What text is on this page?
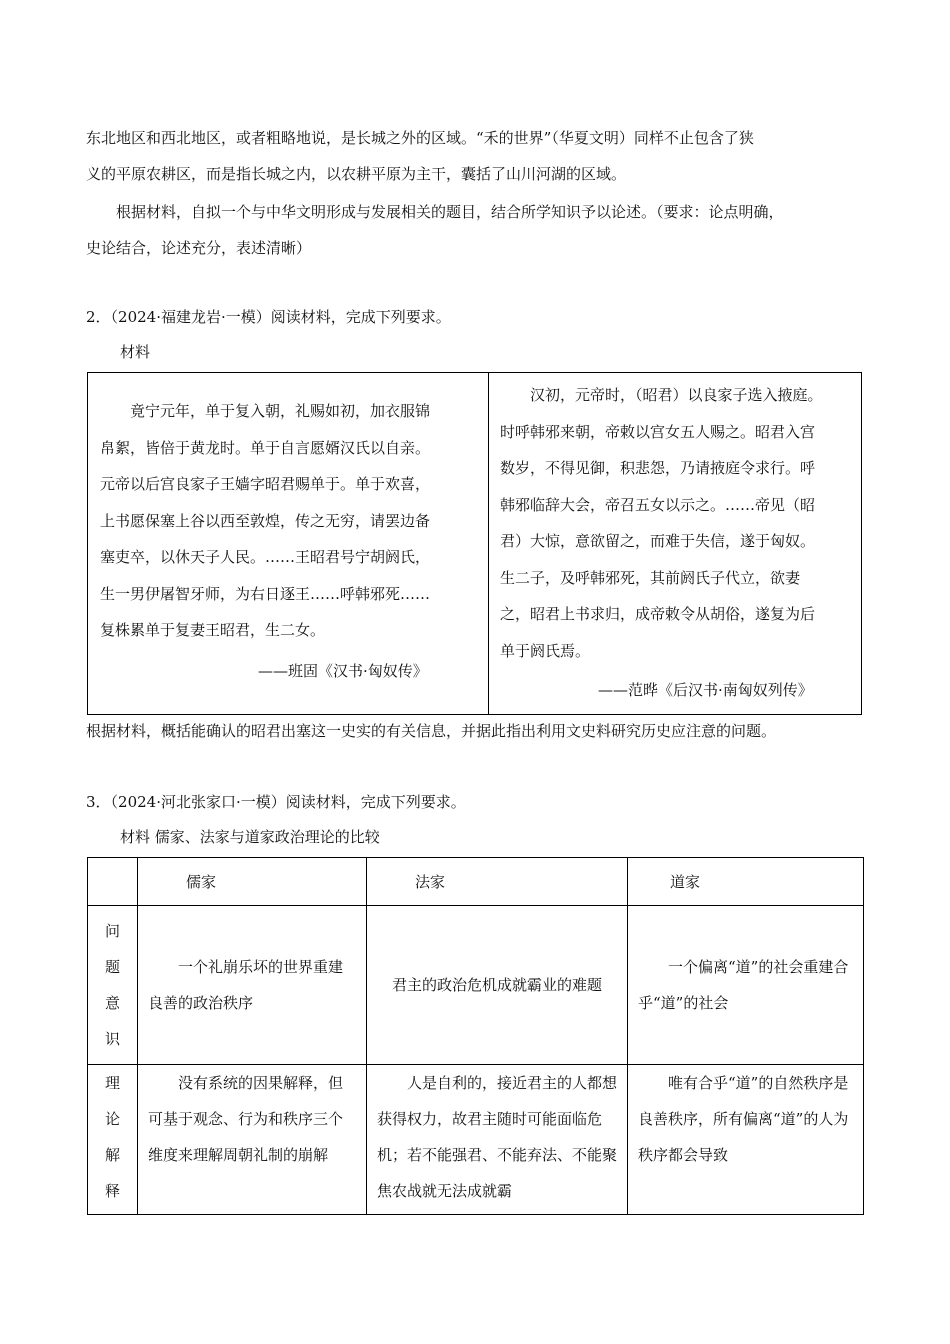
东北地区和西北地区，或者粗略地说，是长城之外的区域。“禾的世界”（华夏文明）同样不止包含了狭
义的平原农耕区，而是指长城之内，以农耕平原为主干，囊括了山川河湖的区域。
根据材料，自拟一个与中华文明形成与发展相关的题目，结合所学知识予以论述。（要求：论点明确，
史论结合，论述充分，表述清晰）
2．（2024·福建龙岩·一模）阅读材料，完成下列要求。
材料
竟宁元年，单于复入朝，礼赐如初，加衣服锦
帛絮，皆倍于黄龙时。单于自言愿婿汉氏以自亲。
元帝以后宫良家子王嫱字昭君赐单于。单于欢喜，
上书愿保塞上谷以西至敦煌，传之无穷，请罢边备
塞吏卒，以休天子人民。……王昭君号宁胡阏氏，
生一男伊屠智牙师，为右日逐王……呼韩邪死……
复株累单于复妻王昭君，生二女。
——班固《汉书·匈奴传》
汉初，元帝时，（昭君）以良家子选入掖庭。
时呼韩邪来朝，帝敕以宫女五人赐之。昭君入宫
数岁，不得见御，积悲怨，乃请掖庭令求行。呼
韩邪临辞大会，帝召五女以示之。……帝见（昭
君）大惊，意欲留之，而难于失信，遂于匈奴。
生二子，及呼韩邪死，其前阏氏子代立，欲妻
之，昭君上书求归，成帝敕令从胡俗，遂复为后
单于阏氏焉。
——范晔《后汉书·南匈奴列传》
根据材料，概括能确认的昭君出塞这一史实的有关信息，并据此指出利用文史料研究历史应注意的问题。
3．（2024·河北张家口·一模）阅读材料，完成下列要求。
材料 儒家、法家与道家政治理论的比较
	儒家	法家	道家

问
题
意
识	一个礼崩乐坏的世界重建良善的政治秩序	君主的政治危机成就霸业的难题	一个偏离“道”的社会重建合乎“道”的社会

理
论
解
释	没有系统的因果解释，但可基于观念、行为和秩序三个维度来理解周朝礼制的崩解	人是自利的，接近君主的人都想获得权力，故君主随时可能面临危机；若不能强君、不能弃法、不能聚焦农战就无法成就霸	唯有合乎“道”的自然秩序是良善秩序，所有偏离“道”的人为秩序都会导致
